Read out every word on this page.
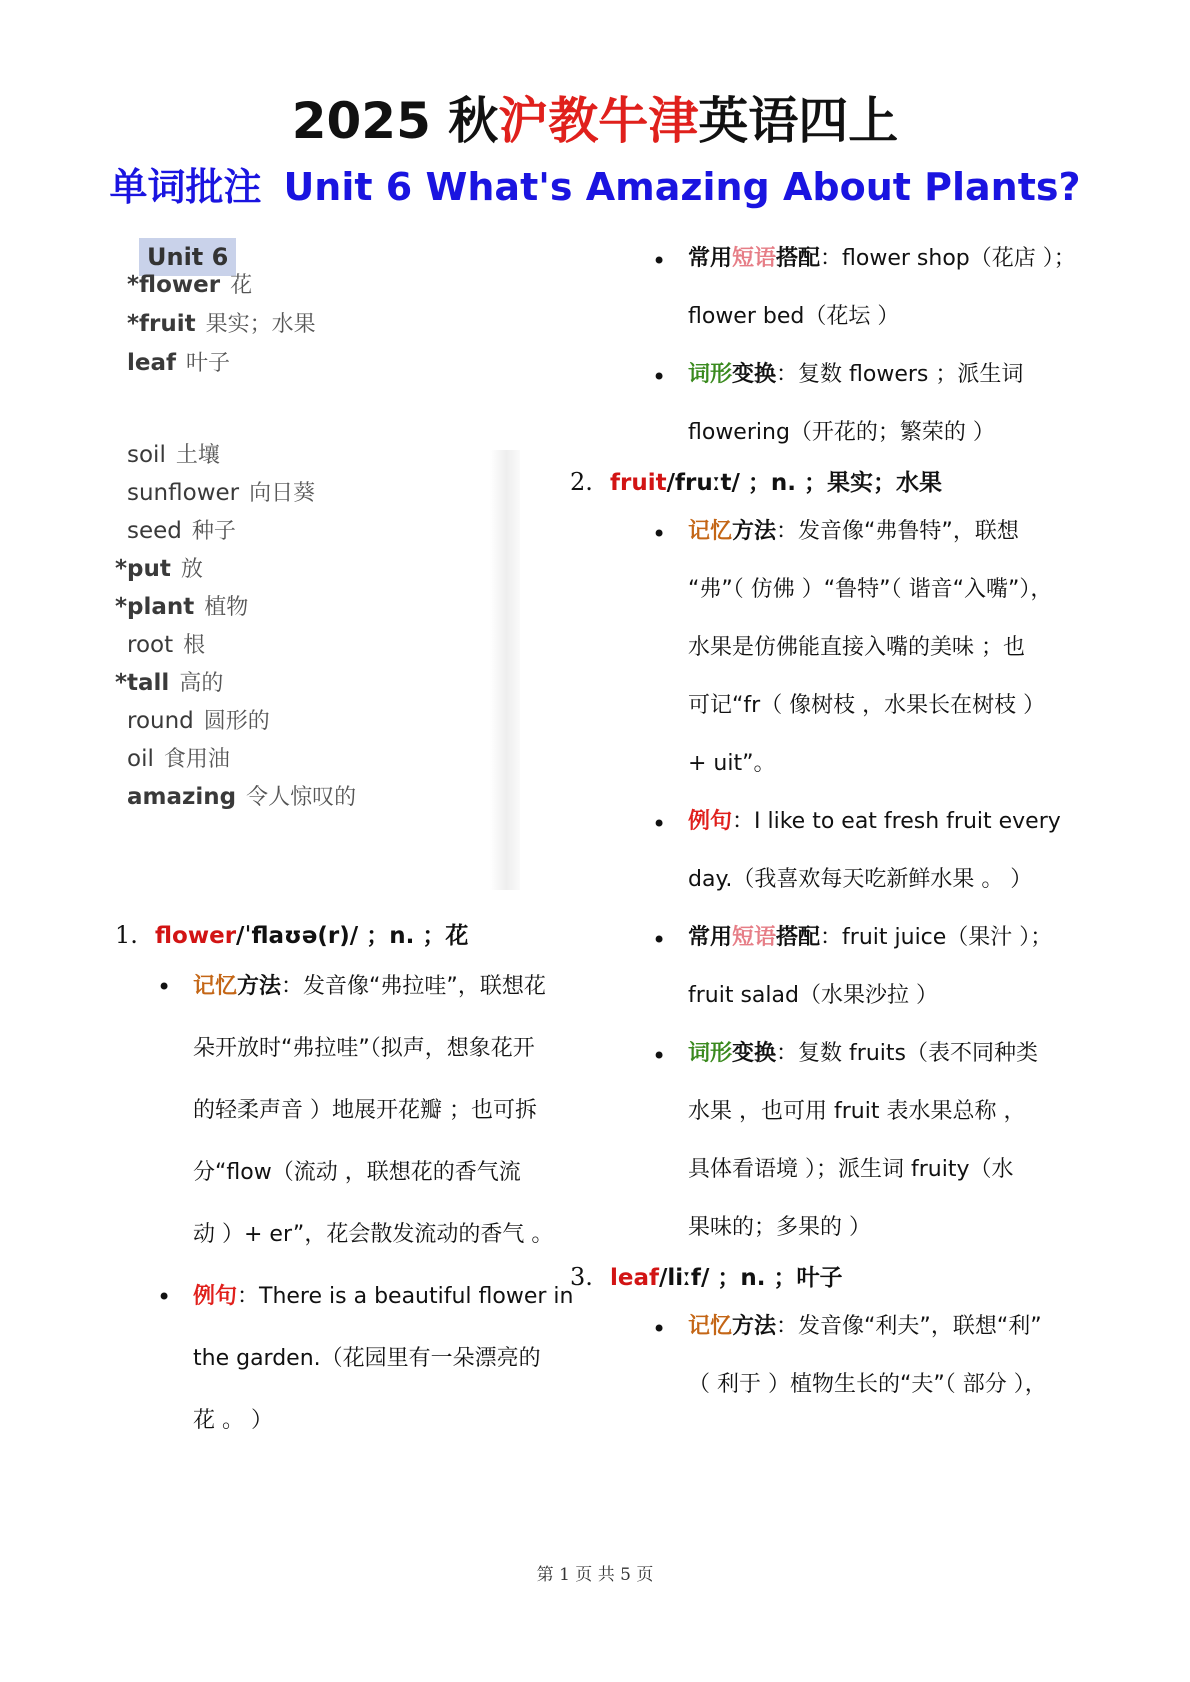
2025 秋沪教牛津英语四上
单词批注 Unit 6 What's Amazing About Plants?
Unit 6
*flower 花
*fruit 果实；水果
leaf 叶子
soil 土壤
sunflower 向日葵
seed 种子
*put 放
*plant 植物
root 根
*tall 高的
round 圆形的
oil 食用油
amazing 令人惊叹的
1. flower/ˈflaʊə(r)/ ；n. ；花
• 记忆方法：发音像“弗拉哇”，联想花
朵开放时“弗拉哇”（拟声，想象花开
的轻柔声音 ）地展开花瓣 ；也可拆
分“flow（流动 ，联想花的香气流
动 ）+ er”，花会散发流动的香气 。
• 例句：There is a beautiful flower in
the garden.（花园里有一朵漂亮的
花 。 ）
• 常用短语搭配：flower shop（花店 ）；
flower bed（花坛 ）
• 词形变换：复数 flowers ；派生词
flowering（开花的；繁荣的 ）
2. fruit/fruːt/ ；n. ；果实；水果
• 记忆方法：发音像“弗鲁特”，联想
“弗”（ 仿佛 ）“鲁特”（ 谐音“入嘴”），
水果是仿佛能直接入嘴的美味 ；也
可记“fr（ 像树枝 ，水果长在树枝 ）
+ uit”。
• 例句：I like to eat fresh fruit every
day.（我喜欢每天吃新鲜水果 。 ）
• 常用短语搭配：fruit juice（果汁 ）；
fruit salad（水果沙拉 ）
• 词形变换：复数 fruits（表不同种类
水果 ，也可用 fruit 表水果总称 ，
具体看语境 ）；派生词 fruity（水
果味的；多果的 ）
3. leaf/liːf/ ；n. ；叶子
• 记忆方法：发音像“利夫”，联想“利”
（ 利于 ）植物生长的“夫”（ 部分 ），
第 1 页 共 5 页
